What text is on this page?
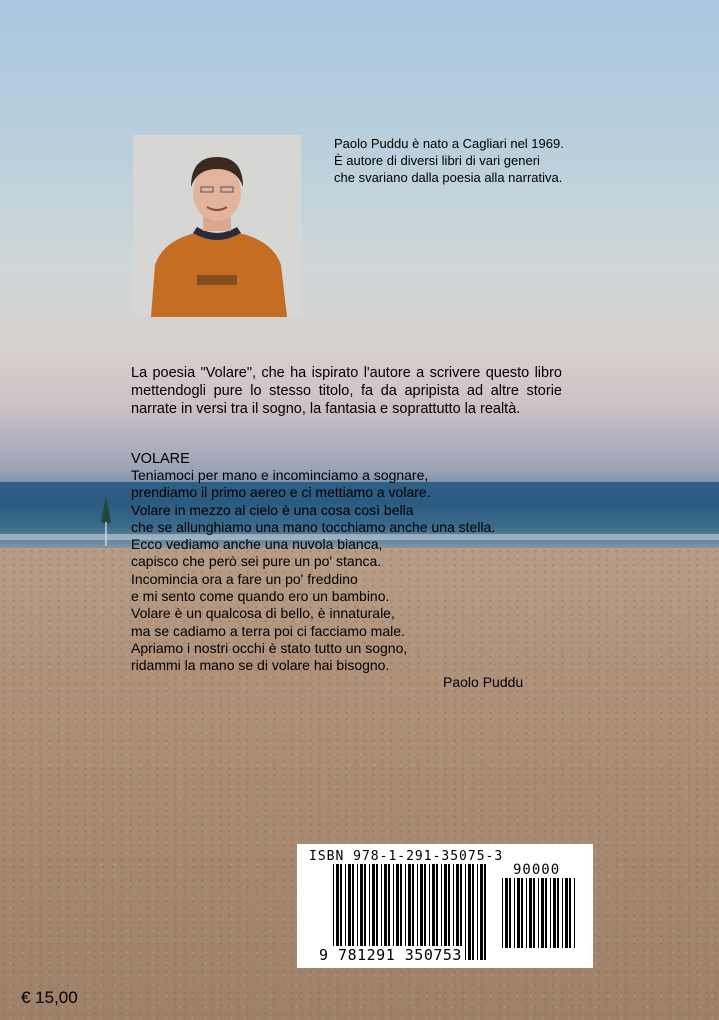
Paolo Puddu è nato a Cagliari nel 1969. È autore di diversi libri di vari generi che svariano dalla poesia alla narrativa.

La poesia "Volare", che ha ispirato l'autore a scrivere questo libro mettendogli pure lo stesso titolo, fa da apripista ad altre storie narrate in versi tra il sogno, la fantasia e soprattutto la realtà.

VOLARE

Teniamoci per mano e incominciamo a sognare,
prendiamo il primo aereo e ci mettiamo a volare.
Volare in mezzo al cielo è una cosa così bella
che se allunghiamo una mano tocchiamo anche una stella.
Ecco vediamo anche una nuvola bianca,
capisco che però sei pure un po' stanca.
Incomincia ora a fare un po' freddino
e mi sento come quando ero un bambino.
Volare è un qualcosa di bello, è innaturale,
ma se cadiamo a terra poi ci facciamo male.
Apriamo i nostri occhi è stato tutto un sogno,
ridammi la mano se di volare hai bisogno.

Paolo Puddu

ISBN 978-1-291-35075-3
90000
9 781291 350753

€ 15,00
